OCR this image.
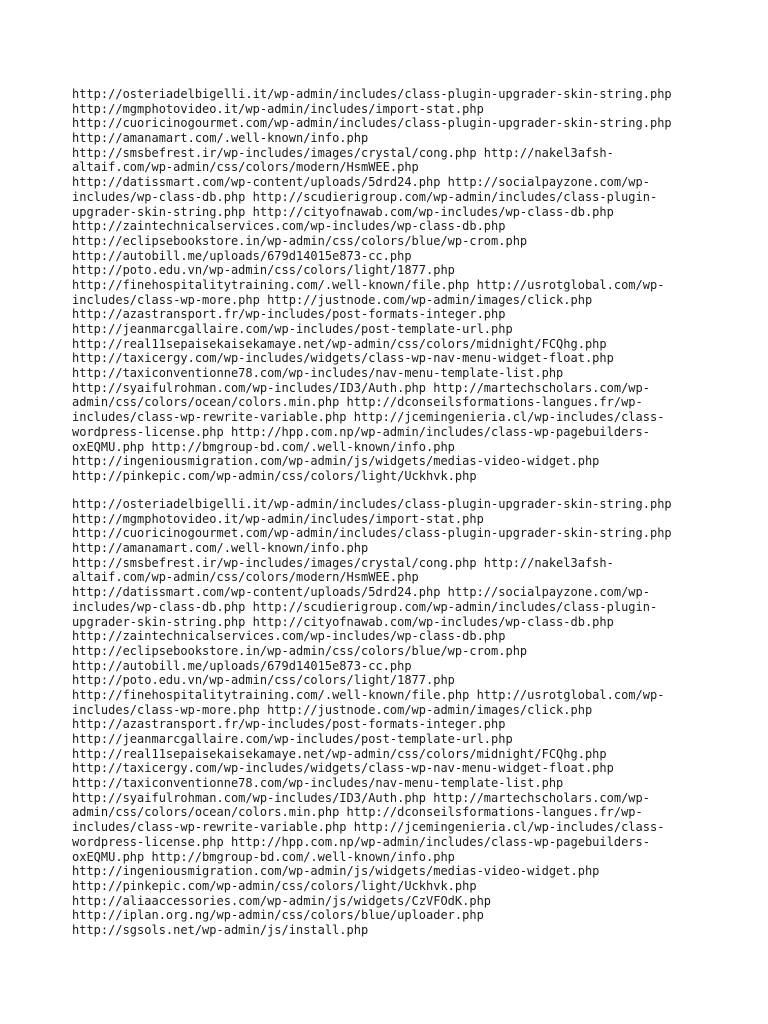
http://osteriadelbigelli.it/wp-admin/includes/class-plugin-upgrader-skin-string.php
http://mgmphotovideo.it/wp-admin/includes/import-stat.php
http://cuoricinogourmet.com/wp-admin/includes/class-plugin-upgrader-skin-string.php
http://amanamart.com/.well-known/info.php
http://smsbefrest.ir/wp-includes/images/crystal/cong.php http://nakel3afsh-
altaif.com/wp-admin/css/colors/modern/HsmWEE.php
http://datissmart.com/wp-content/uploads/5drd24.php http://socialpayzone.com/wp-
includes/wp-class-db.php http://scudierigroup.com/wp-admin/includes/class-plugin-
upgrader-skin-string.php http://cityofnawab.com/wp-includes/wp-class-db.php
http://zaintechnicalservices.com/wp-includes/wp-class-db.php
http://eclipsebookstore.in/wp-admin/css/colors/blue/wp-crom.php
http://autobill.me/uploads/679d14015e873-cc.php
http://poto.edu.vn/wp-admin/css/colors/light/1877.php
http://finehospitalitytraining.com/.well-known/file.php http://usrotglobal.com/wp-
includes/class-wp-more.php http://justnode.com/wp-admin/images/click.php
http://azastransport.fr/wp-includes/post-formats-integer.php
http://jeanmarcgallaire.com/wp-includes/post-template-url.php
http://real11sepaisekaisekamaye.net/wp-admin/css/colors/midnight/FCQhg.php
http://taxicergy.com/wp-includes/widgets/class-wp-nav-menu-widget-float.php
http://taxiconventionne78.com/wp-includes/nav-menu-template-list.php
http://syaifulrohman.com/wp-includes/ID3/Auth.php http://martechscholars.com/wp-
admin/css/colors/ocean/colors.min.php http://dconseilsformations-langues.fr/wp-
includes/class-wp-rewrite-variable.php http://jcemingenieria.cl/wp-includes/class-
wordpress-license.php http://hpp.com.np/wp-admin/includes/class-wp-pagebuilders-
oxEQMU.php http://bmgroup-bd.com/.well-known/info.php
http://ingeniousmigration.com/wp-admin/js/widgets/medias-video-widget.php
http://pinkepic.com/wp-admin/css/colors/light/Uckhvk.php
http://osteriadelbigelli.it/wp-admin/includes/class-plugin-upgrader-skin-string.php
http://mgmphotovideo.it/wp-admin/includes/import-stat.php
http://cuoricinogourmet.com/wp-admin/includes/class-plugin-upgrader-skin-string.php
http://amanamart.com/.well-known/info.php
http://smsbefrest.ir/wp-includes/images/crystal/cong.php http://nakel3afsh-
altaif.com/wp-admin/css/colors/modern/HsmWEE.php
http://datissmart.com/wp-content/uploads/5drd24.php http://socialpayzone.com/wp-
includes/wp-class-db.php http://scudierigroup.com/wp-admin/includes/class-plugin-
upgrader-skin-string.php http://cityofnawab.com/wp-includes/wp-class-db.php
http://zaintechnicalservices.com/wp-includes/wp-class-db.php
http://eclipsebookstore.in/wp-admin/css/colors/blue/wp-crom.php
http://autobill.me/uploads/679d14015e873-cc.php
http://poto.edu.vn/wp-admin/css/colors/light/1877.php
http://finehospitalitytraining.com/.well-known/file.php http://usrotglobal.com/wp-
includes/class-wp-more.php http://justnode.com/wp-admin/images/click.php
http://azastransport.fr/wp-includes/post-formats-integer.php
http://jeanmarcgallaire.com/wp-includes/post-template-url.php
http://real11sepaisekaisekamaye.net/wp-admin/css/colors/midnight/FCQhg.php
http://taxicergy.com/wp-includes/widgets/class-wp-nav-menu-widget-float.php
http://taxiconventionne78.com/wp-includes/nav-menu-template-list.php
http://syaifulrohman.com/wp-includes/ID3/Auth.php http://martechscholars.com/wp-
admin/css/colors/ocean/colors.min.php http://dconseilsformations-langues.fr/wp-
includes/class-wp-rewrite-variable.php http://jcemingenieria.cl/wp-includes/class-
wordpress-license.php http://hpp.com.np/wp-admin/includes/class-wp-pagebuilders-
oxEQMU.php http://bmgroup-bd.com/.well-known/info.php
http://ingeniousmigration.com/wp-admin/js/widgets/medias-video-widget.php
http://pinkepic.com/wp-admin/css/colors/light/Uckhvk.php
http://aliaaccessories.com/wp-admin/js/widgets/CzVFOdK.php
http://iplan.org.ng/wp-admin/css/colors/blue/uploader.php
http://sgsols.net/wp-admin/js/install.php
